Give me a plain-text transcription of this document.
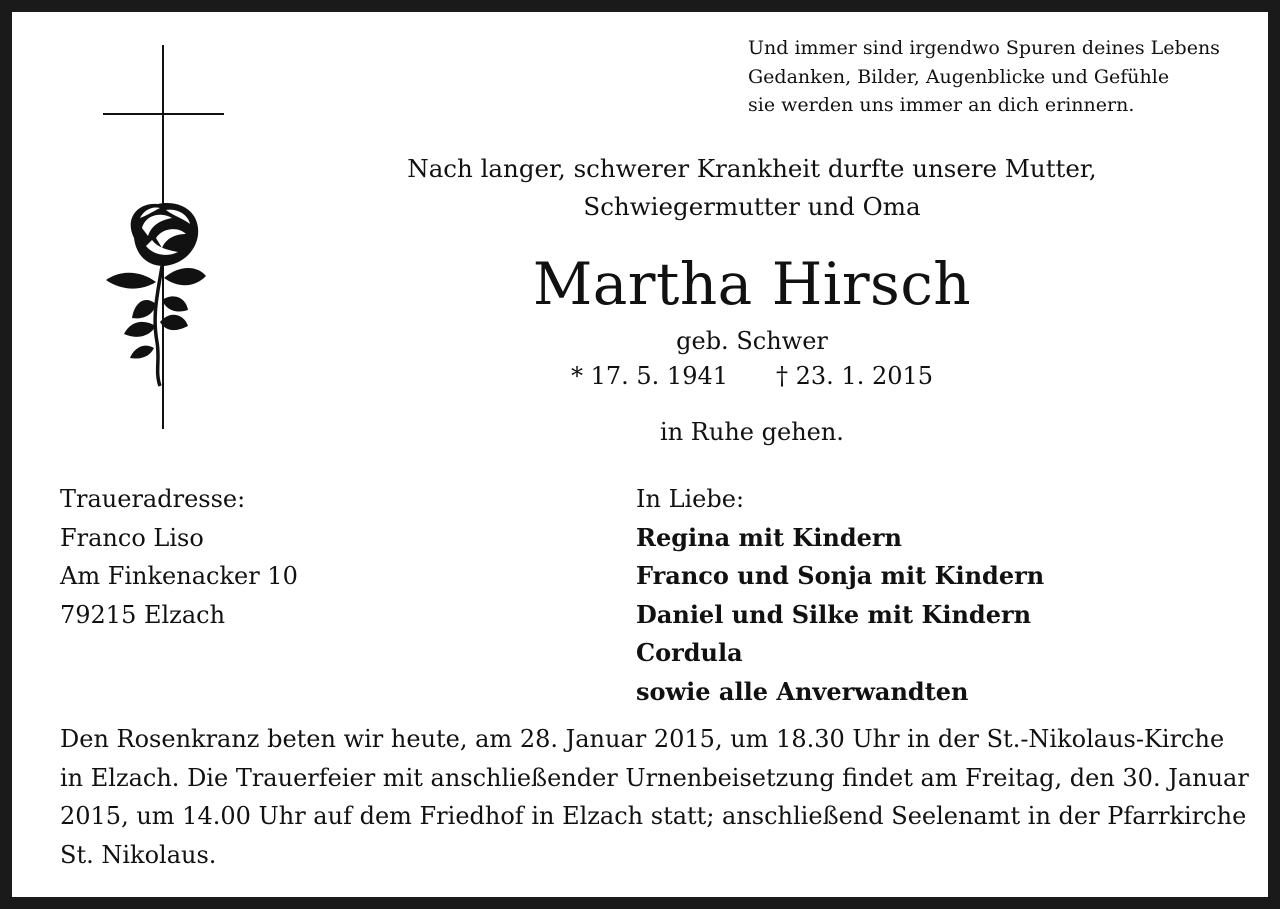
Und immer sind irgendwo Spuren deines Lebens
Gedanken, Bilder, Augenblicke und Gefühle
sie werden uns immer an dich erinnern.
Nach langer, schwerer Krankheit durfte unsere Mutter,
Schwiegermutter und Oma
Martha Hirsch
geb. Schwer
* 17. 5. 1941 † 23. 1. 2015
in Ruhe gehen.
Traueradresse:
Franco Liso
Am Finkenacker 10
79215 Elzach
In Liebe:
Regina mit Kindern
Franco und Sonja mit Kindern
Daniel und Silke mit Kindern
Cordula
sowie alle Anverwandten
Den Rosenkranz beten wir heute, am 28. Januar 2015, um 18.30 Uhr in der St.-Nikolaus-Kirche
in Elzach. Die Trauerfeier mit anschließender Urnenbeisetzung findet am Freitag, den 30. Januar
2015, um 14.00 Uhr auf dem Friedhof in Elzach statt; anschließend Seelenamt in der Pfarrkirche
St. Nikolaus.
